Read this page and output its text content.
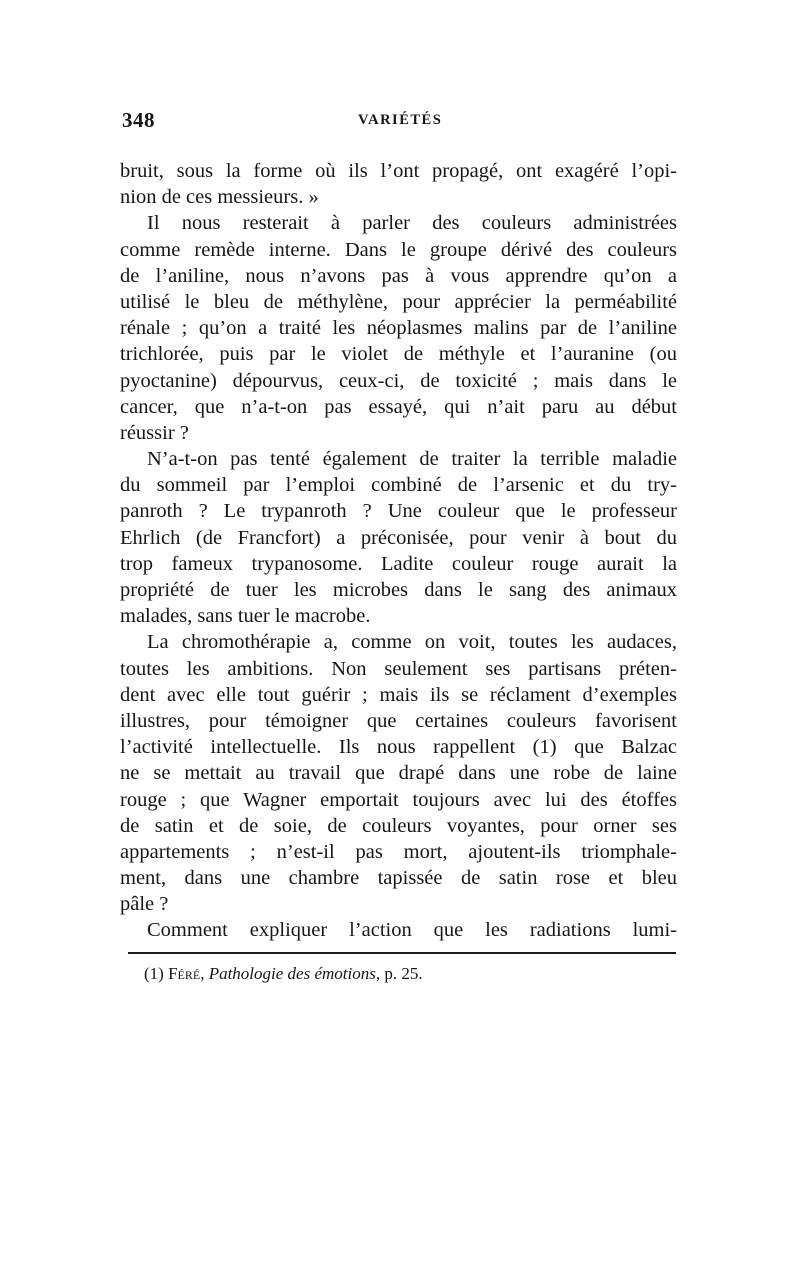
348	VARIÉTÉS
bruit, sous la forme où ils l’ont propagé, ont exagéré l’opi-
nion de ces messieurs. »
Il nous resterait à parler des couleurs administrées
comme remède interne. Dans le groupe dérivé des couleurs
de l’aniline, nous n’avons pas à vous apprendre qu’on a
utilisé le bleu de méthylène, pour apprécier la perméabilité
rénale ; qu’on a traité les néoplasmes malins par de l’aniline
trichlorée, puis par le violet de méthyle et l’auranine (ou
pyoctanine) dépourvus, ceux-ci, de toxicité ; mais dans le
cancer, que n’a-t-on pas essayé, qui n’ait paru au début
réussir ?
N’a-t-on pas tenté également de traiter la terrible maladie
du sommeil par l’emploi combiné de l’arsenic et du try-
panroth ? Le trypanroth ? Une couleur que le professeur
Ehrlich (de Francfort) a préconisée, pour venir à bout du
trop fameux trypanosome. Ladite couleur rouge aurait la
propriété de tuer les microbes dans le sang des animaux
malades, sans tuer le macrobe.
La chromothérapie a, comme on voit, toutes les audaces,
toutes les ambitions. Non seulement ses partisans préten-
dent avec elle tout guérir ; mais ils se réclament d’exemples
illustres, pour témoigner que certaines couleurs favorisent
l’activité intellectuelle. Ils nous rappellent (1) que Balzac
ne se mettait au travail que drapé dans une robe de laine
rouge ; que Wagner emportait toujours avec lui des étoffes
de satin et de soie, de couleurs voyantes, pour orner ses
appartements ; n’est-il pas mort, ajoutent-ils triomphale-
ment, dans une chambre tapissée de satin rose et bleu
pâle ?
Comment expliquer l’action que les radiations lumi-
(1) Féré, Pathologie des émotions, p. 25.
